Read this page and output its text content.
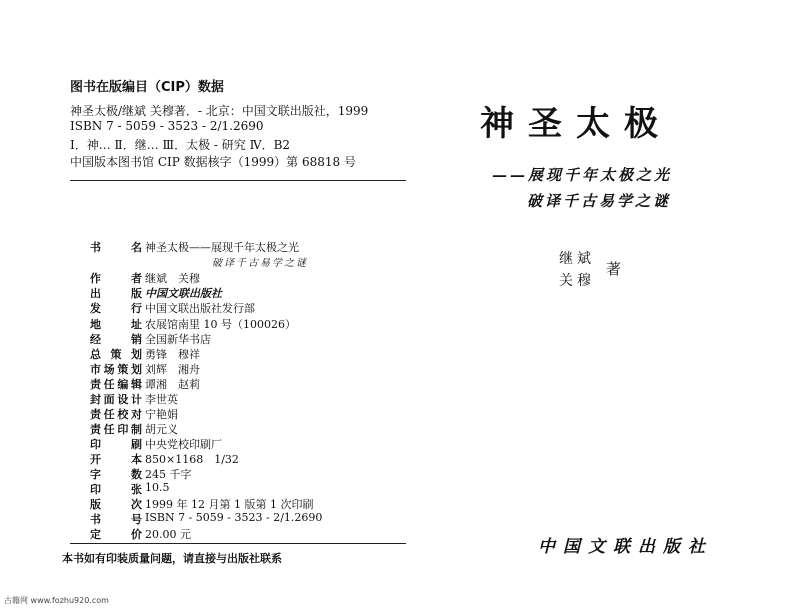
图书在版编目（CIP）数据
神圣太极/继斌 关穆著．- 北京：中国文联出版社，1999
ISBN 7 - 5059 - 3523 - 2/1.2690
Ⅰ．神… Ⅱ．继… Ⅲ．太极 - 研究 Ⅳ．B2
中国版本图书馆 CIP 数据核字（1999）第 68818 号
书　名 神圣太极——展现千年太极之光
破译千古易学之谜
作　者 继斌　关穆
出　版 中国文联出版社
发　行 中国文联出版社发行部
地　址 农展馆南里 10 号（100026）
经　销 全国新华书店
总策划 勇锋　穆祥
市场策划 刘辉　湘舟
责任编辑 谭湘　赵莉
封面设计 李世英
责任校对 宁艳娟
责任印制 胡元义
印　刷 中央党校印刷厂
开　本 850×1168　1/32
字　数 245 千字
印　张 10.5
版　次 1999 年 12 月第 1 版第 1 次印刷
书　号 ISBN 7 - 5059 - 3523 - 2/1.2690
定　价 20.00 元
本书如有印装质量问题，请直接与出版社联系
神圣太极
——展现千年太极之光
破译千古易学之谜
继斌
关穆
著
中国文联出版社
古籍网 www.fozhu920.com
